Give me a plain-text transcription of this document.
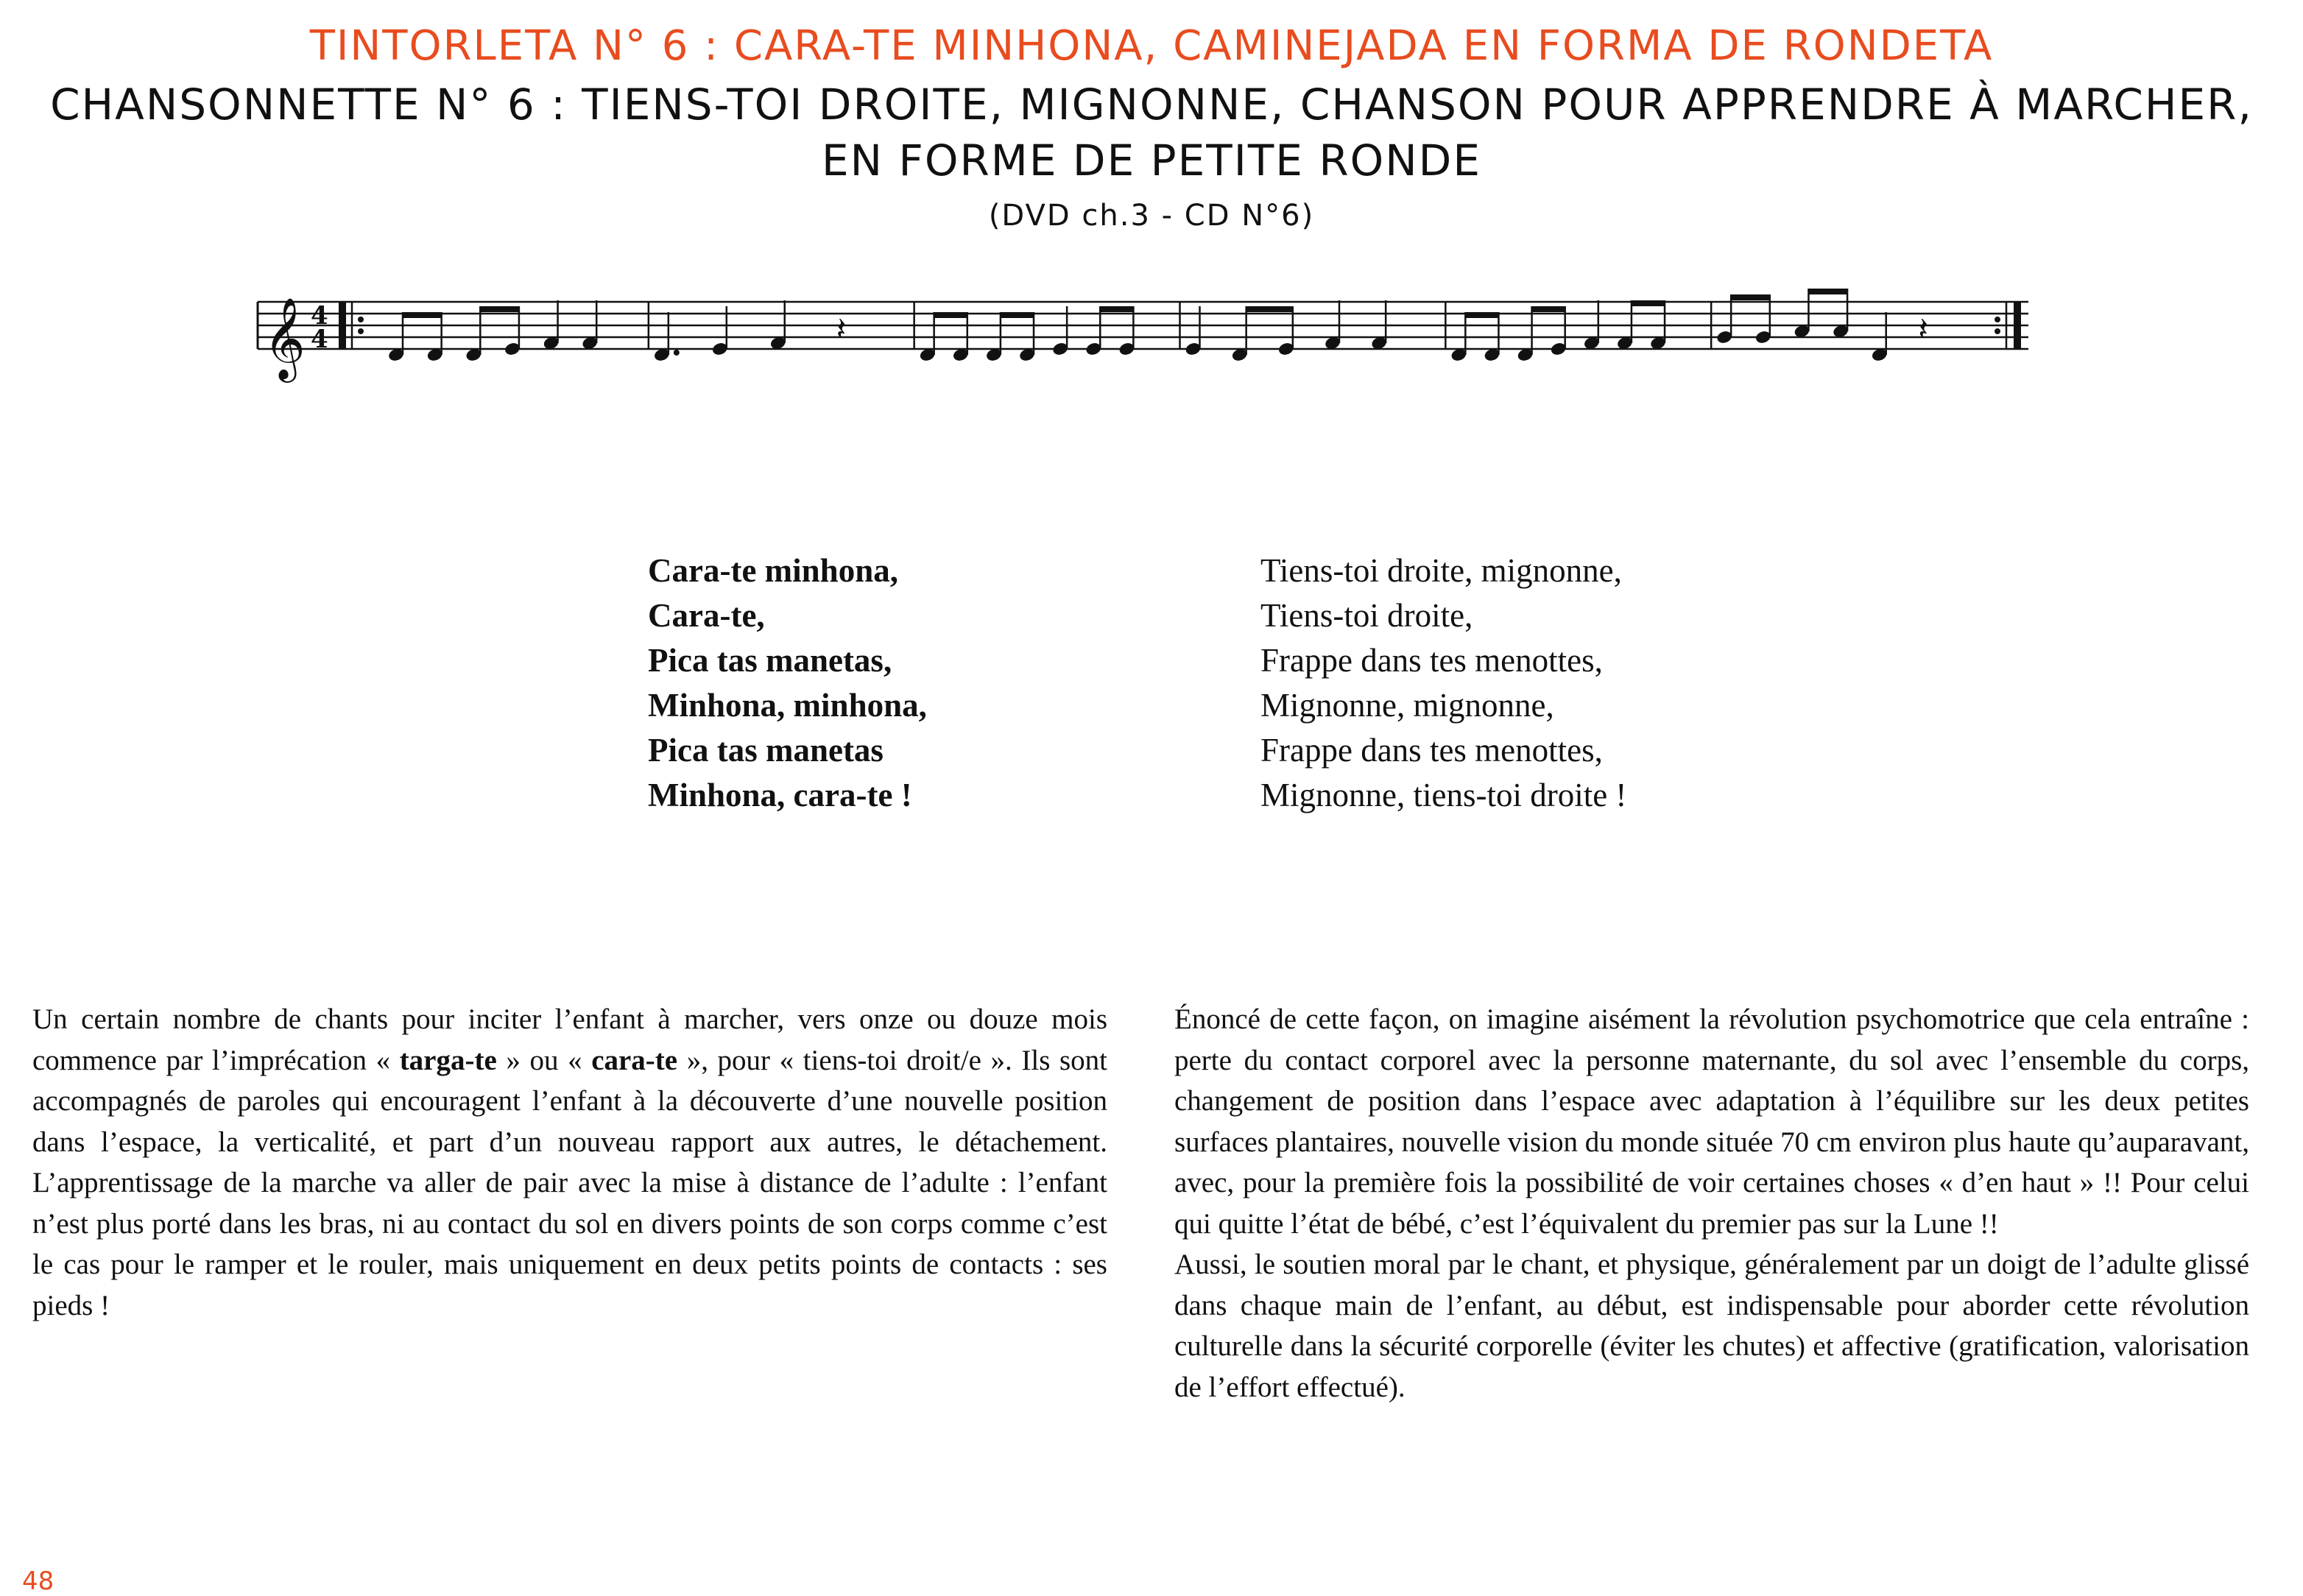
TINTORLETA N° 6 : CARA-TE MINHONA, CAMINEJADA EN FORMA DE RONDETA
CHANSONNETTE N° 6 : TIENS-TOI DROITE, MIGNONNE, CHANSON POUR APPRENDRE À MARCHER,
EN FORME DE PETITE RONDE
(DVD ch.3 - CD N°6)
𝄞 4
4	𝄽	𝄽
Cara-te minhona,
Cara-te,
Pica tas manetas,
Minhona, minhona,
Pica tas manetas
Minhona, cara-te !
Tiens-toi droite, mignonne,
Tiens-toi droite,
Frappe dans tes menottes,
Mignonne, mignonne,
Frappe dans tes menottes,
Mignonne, tiens-toi droite !

Un certain nombre de chants pour inciter l’enfant à marcher, vers onze ou douze mois commence par l’imprécation « targa-te » ou « cara-te », pour « tiens-toi droit/e ». Ils sont accompagnés de paroles qui encouragent l’enfant à la découverte d’une nouvelle position dans l’espace, la verticalité, et part d’un nouveau rapport aux autres, le détachement. L’apprentissage de la marche va aller de pair avec la mise à distance de l’adulte : l’enfant n’est plus porté dans les bras, ni au contact du sol en divers points de son corps comme c’est le cas pour le ramper et le rouler, mais uniquement en deux petits points de contacts : ses pieds !

Énoncé de cette façon, on imagine aisément la révolution psychomotrice que cela entraîne : perte du contact corporel avec la personne maternante, du sol avec l’ensemble du corps, changement de position dans l’espace avec adaptation à l’équilibre sur les deux petites surfaces plantaires, nouvelle vision du monde située 70 cm environ plus haute qu’auparavant, avec, pour la première fois la possibilité de voir certaines choses « d’en haut » !! Pour celui qui quitte l’état de bébé, c’est l’équivalent du premier pas sur la Lune !!

Aussi, le soutien moral par le chant, et physique, généralement par un doigt de l’adulte glissé dans chaque main de l’enfant, au début, est indispensable pour aborder cette révolution culturelle dans la sécurité corporelle (éviter les chutes) et affective (gratification, valorisation de l’effort effectué).

48
